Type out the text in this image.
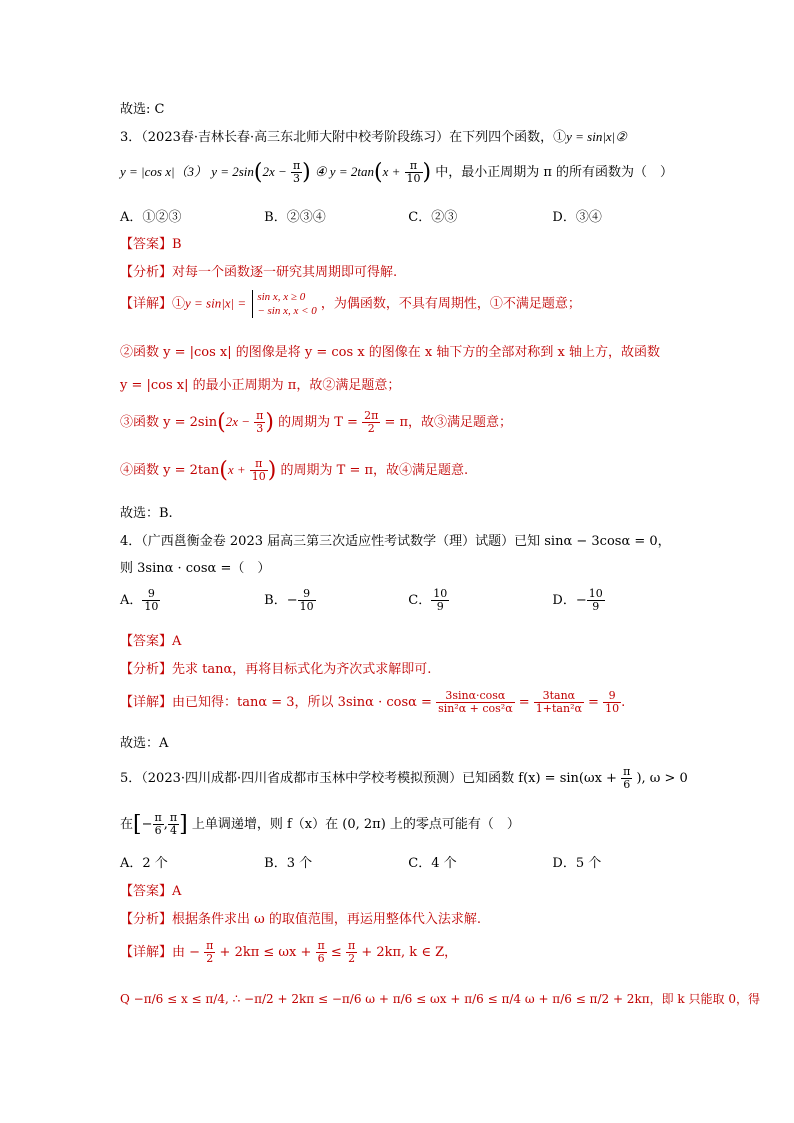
故选: C
3．（2023春·吉林长春·高三东北师大附中校考阶段练习）在下列四个函数，①y = sin|x|②
y = |cos x|（3） $y = 2\sin(2x - \frac{\pi}{3}$ ) ④ $y = 2\tan(x + \frac{\pi}{10}$ ) 中，最小正周期为 π 的所有函数为（　）
A．①②③	B．②③④	C．②③	D．③④
【答案】B
【分析】对每一个函数逐一研究其周期即可得解.
【详解】①y = sin|x| = sin x, x ≥ 0
− sin x, x < 0 ，为偶函数，不具有周期性，①不满足题意；
②函数 y = |cos x| 的图像是将 y = cos x 的图像在 x 轴下方的全部对称到 x 轴上方，故函数
y = |cos x| 的最小正周期为 π，故②满足题意；
③函数 $y = 2\sin(2x - \frac{\pi}{3}$ ) 的周期为 $T = \frac{2\pi}{2} = \pi$，故③满足题意；
④函数 $y = 2\tan(x + \frac{\pi}{10}$ ) 的周期为 T = π，故④满足题意.
故选：B.
4．（广西邕衡金卷 2023 届高三第三次适应性考试数学（理）试题）已知 sinα − 3cosα = 0，
则 3sinα · cosα =（　）
A． $\frac{9}{10}$	B．− $\frac{9}{10}$	C． $\frac{10}{9}$	D．− $\frac{10}{9}$
【答案】A
【分析】先求 tanα，再将目标式化为齐次式求解即可.
【详解】由已知得：tanα = 3，所以 $3\sin\alpha \cdot \cos\alpha = \frac{3\sin\alpha\cdot\cos\alpha}{\text{sin²α + cos²α}} = \frac{3\tan\alpha}{\text{1+tan²α}} = \frac{9}{10}$ .
故选：A
5．（2023·四川成都·四川省成都市玉林中学校考模拟预测）已知函数 $f(x) = \sin(\omega x + \frac{\pi}{6}$ ), ω > 0
在[− $\frac{\pi}{6}$ , $\frac{\pi}{4}$ ] 上单调递增，则 f（x）在 (0, 2π) 上的零点可能有（　）
A．2 个	B．3 个	C．4 个	D．5 个
【答案】A
【分析】根据条件求出 ω 的取值范围，再运用整体代入法求解.
【详解】由 − $\frac{\pi}{2} + 2k\pi \le \omega x + \frac{\pi}{6} \le \frac{\pi}{2} + 2k\pi$, k ∈ Z，
Q −π/6 ≤ x ≤ π/4, ∴ −π/2 + 2kπ ≤ −π/6 ω + π/6 ≤ ωx + π/6 ≤ π/4 ω + π/6 ≤ π/2 + 2kπ，即 k 只能取 0，得
